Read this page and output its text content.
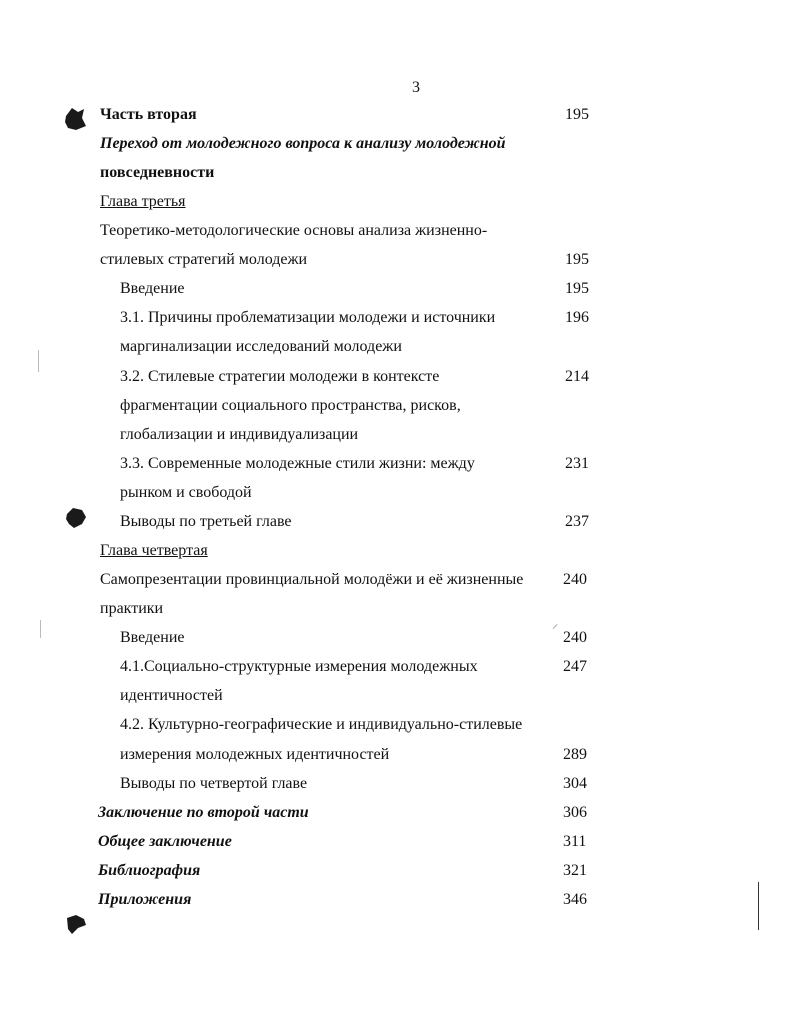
3
Часть вторая	195
Переход от молодежного вопроса к анализу молодежной
повседневности
Глава третья
Теоретико-методологические основы анализа жизненно-
стилевых стратегий молодежи	195
Введение	195
3.1. Причины проблематизации молодежи и источники	196
маргинализации исследований молодежи
3.2. Стилевые стратегии молодежи в контексте	214
фрагментации социального пространства, рисков,
глобализации и индивидуализации
3.3. Современные молодежные стили жизни: между	231
рынком и свободой
Выводы по третьей главе	237
Глава четвертая
Самопрезентации провинциальной молодёжи и её жизненные 240
практики
Введение	240
4.1.Социально-структурные измерения молодежных	247
идентичностей
4.2. Культурно-географические и индивидуально-стилевые
измерения молодежных идентичностей	289
Выводы по четвертой главе	304
Заключение по второй части	306
Общее заключение	311
Библиография	321
Приложения	346
